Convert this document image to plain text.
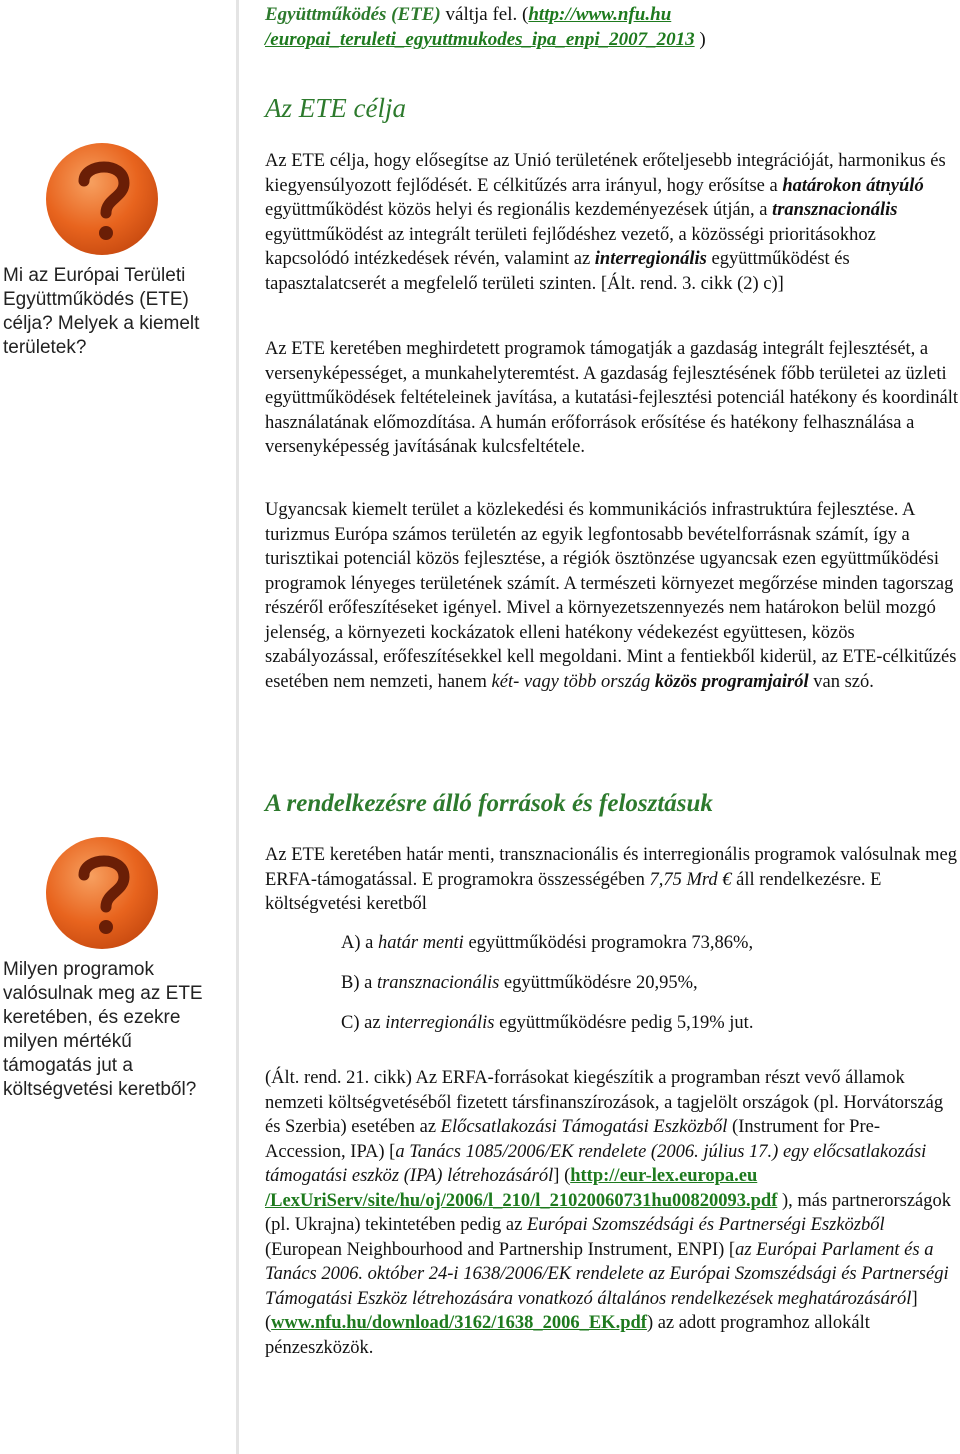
Együttműködés (ETE) váltja fel. (http://www.nfu.hu
/europai_teruleti_egyuttmukodes_ipa_enpi_2007_2013 )
Az ETE célja
Mi az Európai Területi Együttműködés (ETE) célja? Melyek a kiemelt területek?

Az ETE célja, hogy elősegítse az Unió területének erőteljesebb integrációját, harmonikus és kiegyensúlyozott fejlődését. E célkitűzés arra irányul, hogy erősítse a határokon átnyúló együttműködést közös helyi és regionális kezdeményezések útján, a transznacionális együttműködést az integrált területi fejlődéshez vezető, a közösségi prioritásokhoz kapcsolódó intézkedések révén, valamint az interregionális együttműködést és tapasztalatcserét a megfelelő területi szinten. [Ált. rend. 3. cikk (2) c)]

Az ETE keretében meghirdetett programok támogatják a gazdaság integrált fejlesztését, a versenyképességet, a munkahelyteremtést. A gazdaság fejlesztésének főbb területei az üzleti együttműködések feltételeinek javítása, a kutatási-fejlesztési potenciál hatékony és koordinált használatának előmozdítása. A humán erőforrások erősítése és hatékony felhasználása a versenyképesség javításának kulcsfeltétele.
Ugyancsak kiemelt terület a közlekedési és kommunikációs infrastruktúra fejlesztése. A turizmus Európa számos területén az egyik legfontosabb bevételforrásnak számít, így a turisztikai potenciál közös fejlesztése, a régiók ösztönzése ugyancsak ezen együttműködési programok lényeges területének számít. A természeti környezet megőrzése minden tagorszag részéről erőfeszítéseket igényel. Mivel a környezetszennyezés nem határokon belül mozgó jelenség, a környezeti kockázatok elleni hatékony védekezést együttesen, közös szabályozással, erőfeszítésekkel kell megoldani. Mint a fentiekből kiderül, az ETE-célkitűzés esetében nem nemzeti, hanem két- vagy több ország közös programjairól van szó.
A rendelkezésre álló források és felosztásuk
Milyen programok valósulnak meg az ETE keretében, és ezekre milyen mértékű támogatás jut a költségvetési keretből?
Az ETE keretében határ menti, transznacionális és interregionális programok valósulnak meg ERFA-támogatással. E programokra összességében 7,75 Mrd € áll rendelkezésre. E költségvetési keretből
A) a határ menti együttműködési programokra 73,86%,
B) a transznacionális együttműködésre 20,95%,
C) az interregionális együttműködésre pedig 5,19% jut.
(Ált. rend. 21. cikk) Az ERFA-forrásokat kiegészítik a programban részt vevő államok nemzeti költségvetéséből fizetett társfinanszírozások, a tagjelölt országok (pl. Horvátország és Szerbia) esetében az Előcsatlakozási Támogatási Eszközből (Instrument for Pre-Accession, IPA) [a Tanács 1085/2006/EK rendelete (2006. július 17.) egy előcsatlakozási támogatási eszköz (IPA) létrehozásáról] (http://eur-lex.europa.eu
/LexUriServ/site/hu/oj/2006/l_210/l_21020060731hu00820093.pdf ), más partnerországok (pl. Ukrajna) tekintetében pedig az Európai Szomszédsági és Partnerségi Eszközből (European Neighbourhood and Partnership Instrument, ENPI) [az Európai Parlament és a Tanács 2006. október 24-i 1638/2006/EK rendelete az Európai Szomszédsági és Partnerségi Támogatási Eszköz létrehozására vonatkozó általános rendelkezések meghatározásáról] (www.nfu.hu/download/3162/1638_2006_EK.pdf) az adott programhoz allokált pénzeszközök.
